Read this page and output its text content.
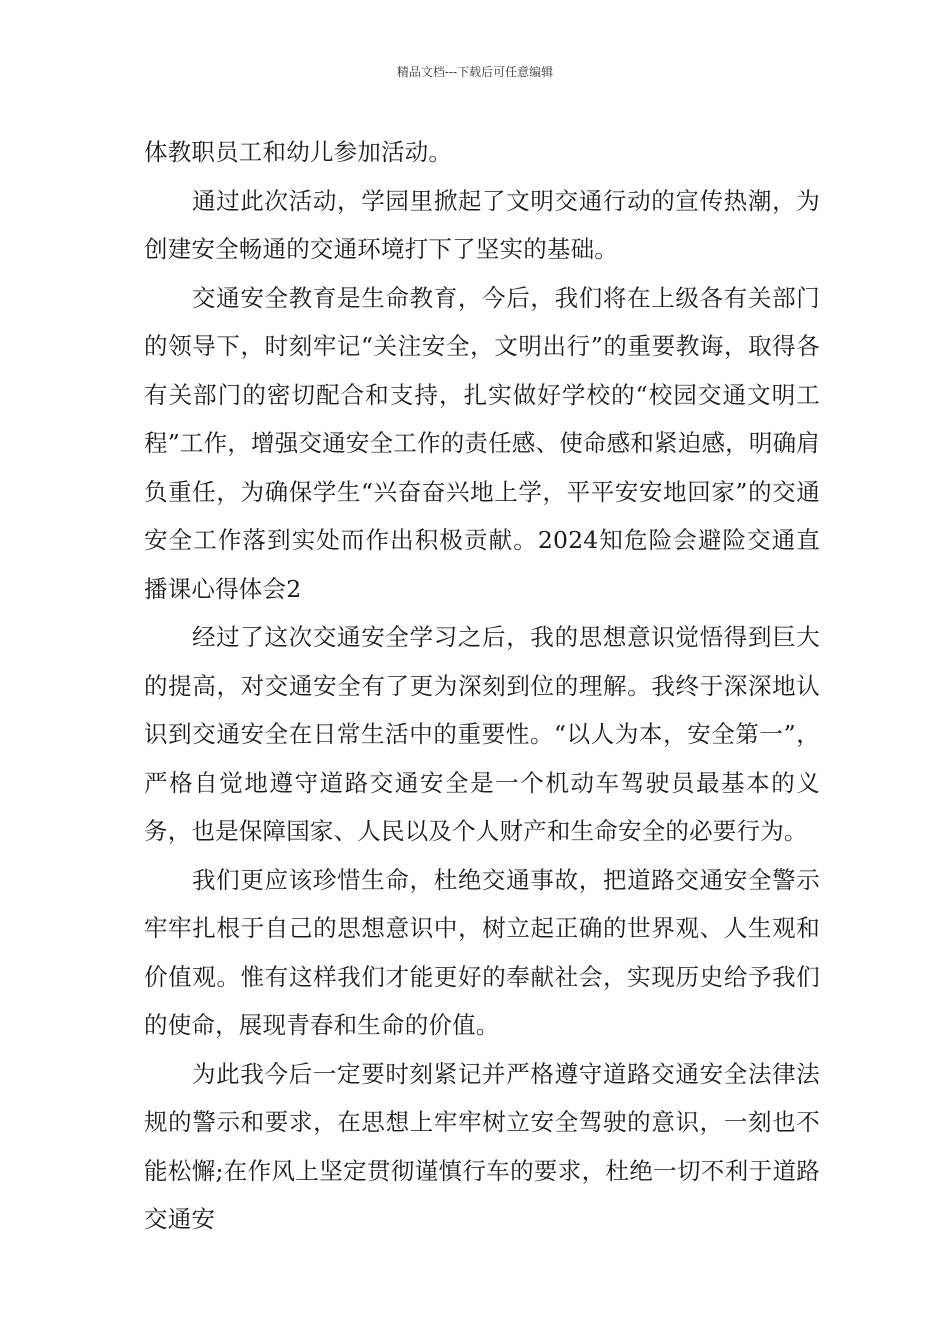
精品文档---下载后可任意编辑

体教职员工和幼儿参加活动。

通过此次活动，学园里掀起了文明交通行动的宣传热潮，为创建安全畅通的交通环境打下了坚实的基础。

交通安全教育是生命教育，今后，我们将在上级各有关部门的领导下，时刻牢记“关注安全，文明出行”的重要教诲，取得各有关部门的密切配合和支持，扎实做好学校的“校园交通文明工程”工作，增强交通安全工作的责任感、使命感和紧迫感，明确肩负重任，为确保学生“兴奋奋兴地上学，平平安安地回家”的交通安全工作落到实处而作出积极贡献。2024知危险会避险交通直播课心得体会2

经过了这次交通安全学习之后，我的思想意识觉悟得到巨大的提高，对交通安全有了更为深刻到位的理解。我终于深深地认识到交通安全在日常生活中的重要性。“以人为本，安全第一”，严格自觉地遵守道路交通安全是一个机动车驾驶员最基本的义务，也是保障国家、人民以及个人财产和生命安全的必要行为。

我们更应该珍惜生命，杜绝交通事故，把道路交通安全警示牢牢扎根于自己的思想意识中，树立起正确的世界观、人生观和价值观。惟有这样我们才能更好的奉献社会，实现历史给予我们的使命，展现青春和生命的价值。

为此我今后一定要时刻紧记并严格遵守道路交通安全法律法规的警示和要求，在思想上牢牢树立安全驾驶的意识，一刻也不能松懈;在作风上坚定贯彻谨慎行车的要求，杜绝一切不利于道路交通安
